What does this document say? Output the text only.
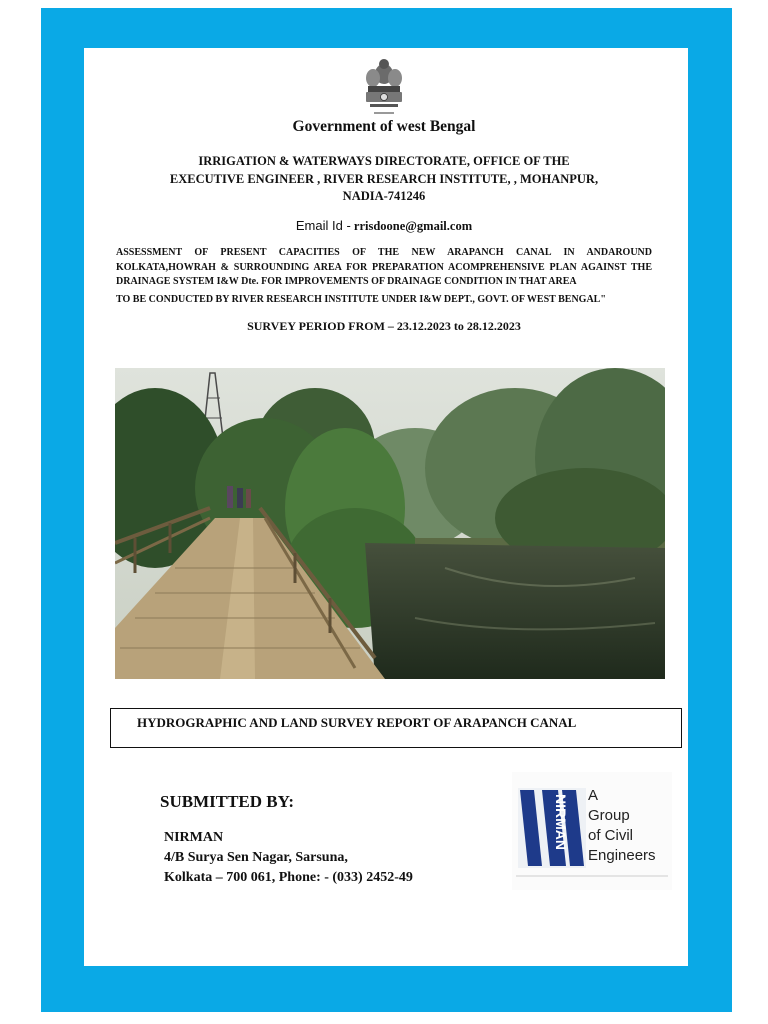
Government of west Bengal
IRRIGATION & WATERWAYS DIRECTORATE, OFFICE OF THE
EXECUTIVE ENGINEER , RIVER RESEARCH INSTITUTE, , MOHANPUR,
NADIA-741246
Email Id - rrisdoone@gmail.com

ASSESSMENT OF PRESENT CAPACITIES OF THE NEW ARAPANCH CANAL IN ANDAROUND KOLKATA,HOWRAH & SURROUNDING AREA FOR PREPARATION ACOMPREHENSIVE PLAN AGAINST THE DRAINAGE SYSTEM I&W Dte. FOR IMPROVEMENTS OF DRAINAGE CONDITION IN THAT AREA

TO BE CONDUCTED BY RIVER RESEARCH INSTITUTE UNDER I&W DEPT., GOVT. OF WEST BENGAL"

SURVEY PERIOD FROM – 23.12.2023 to 28.12.2023
HYDROGRAPHIC AND LAND SURVEY REPORT OF ARAPANCH CANAL
SUBMITTED BY:
NIRMAN
4/B Surya Sen Nagar, Sarsuna,
Kolkata – 700 061, Phone: - (033) 2452-49
NIRMAN A
Group
of Civil
Engineers
